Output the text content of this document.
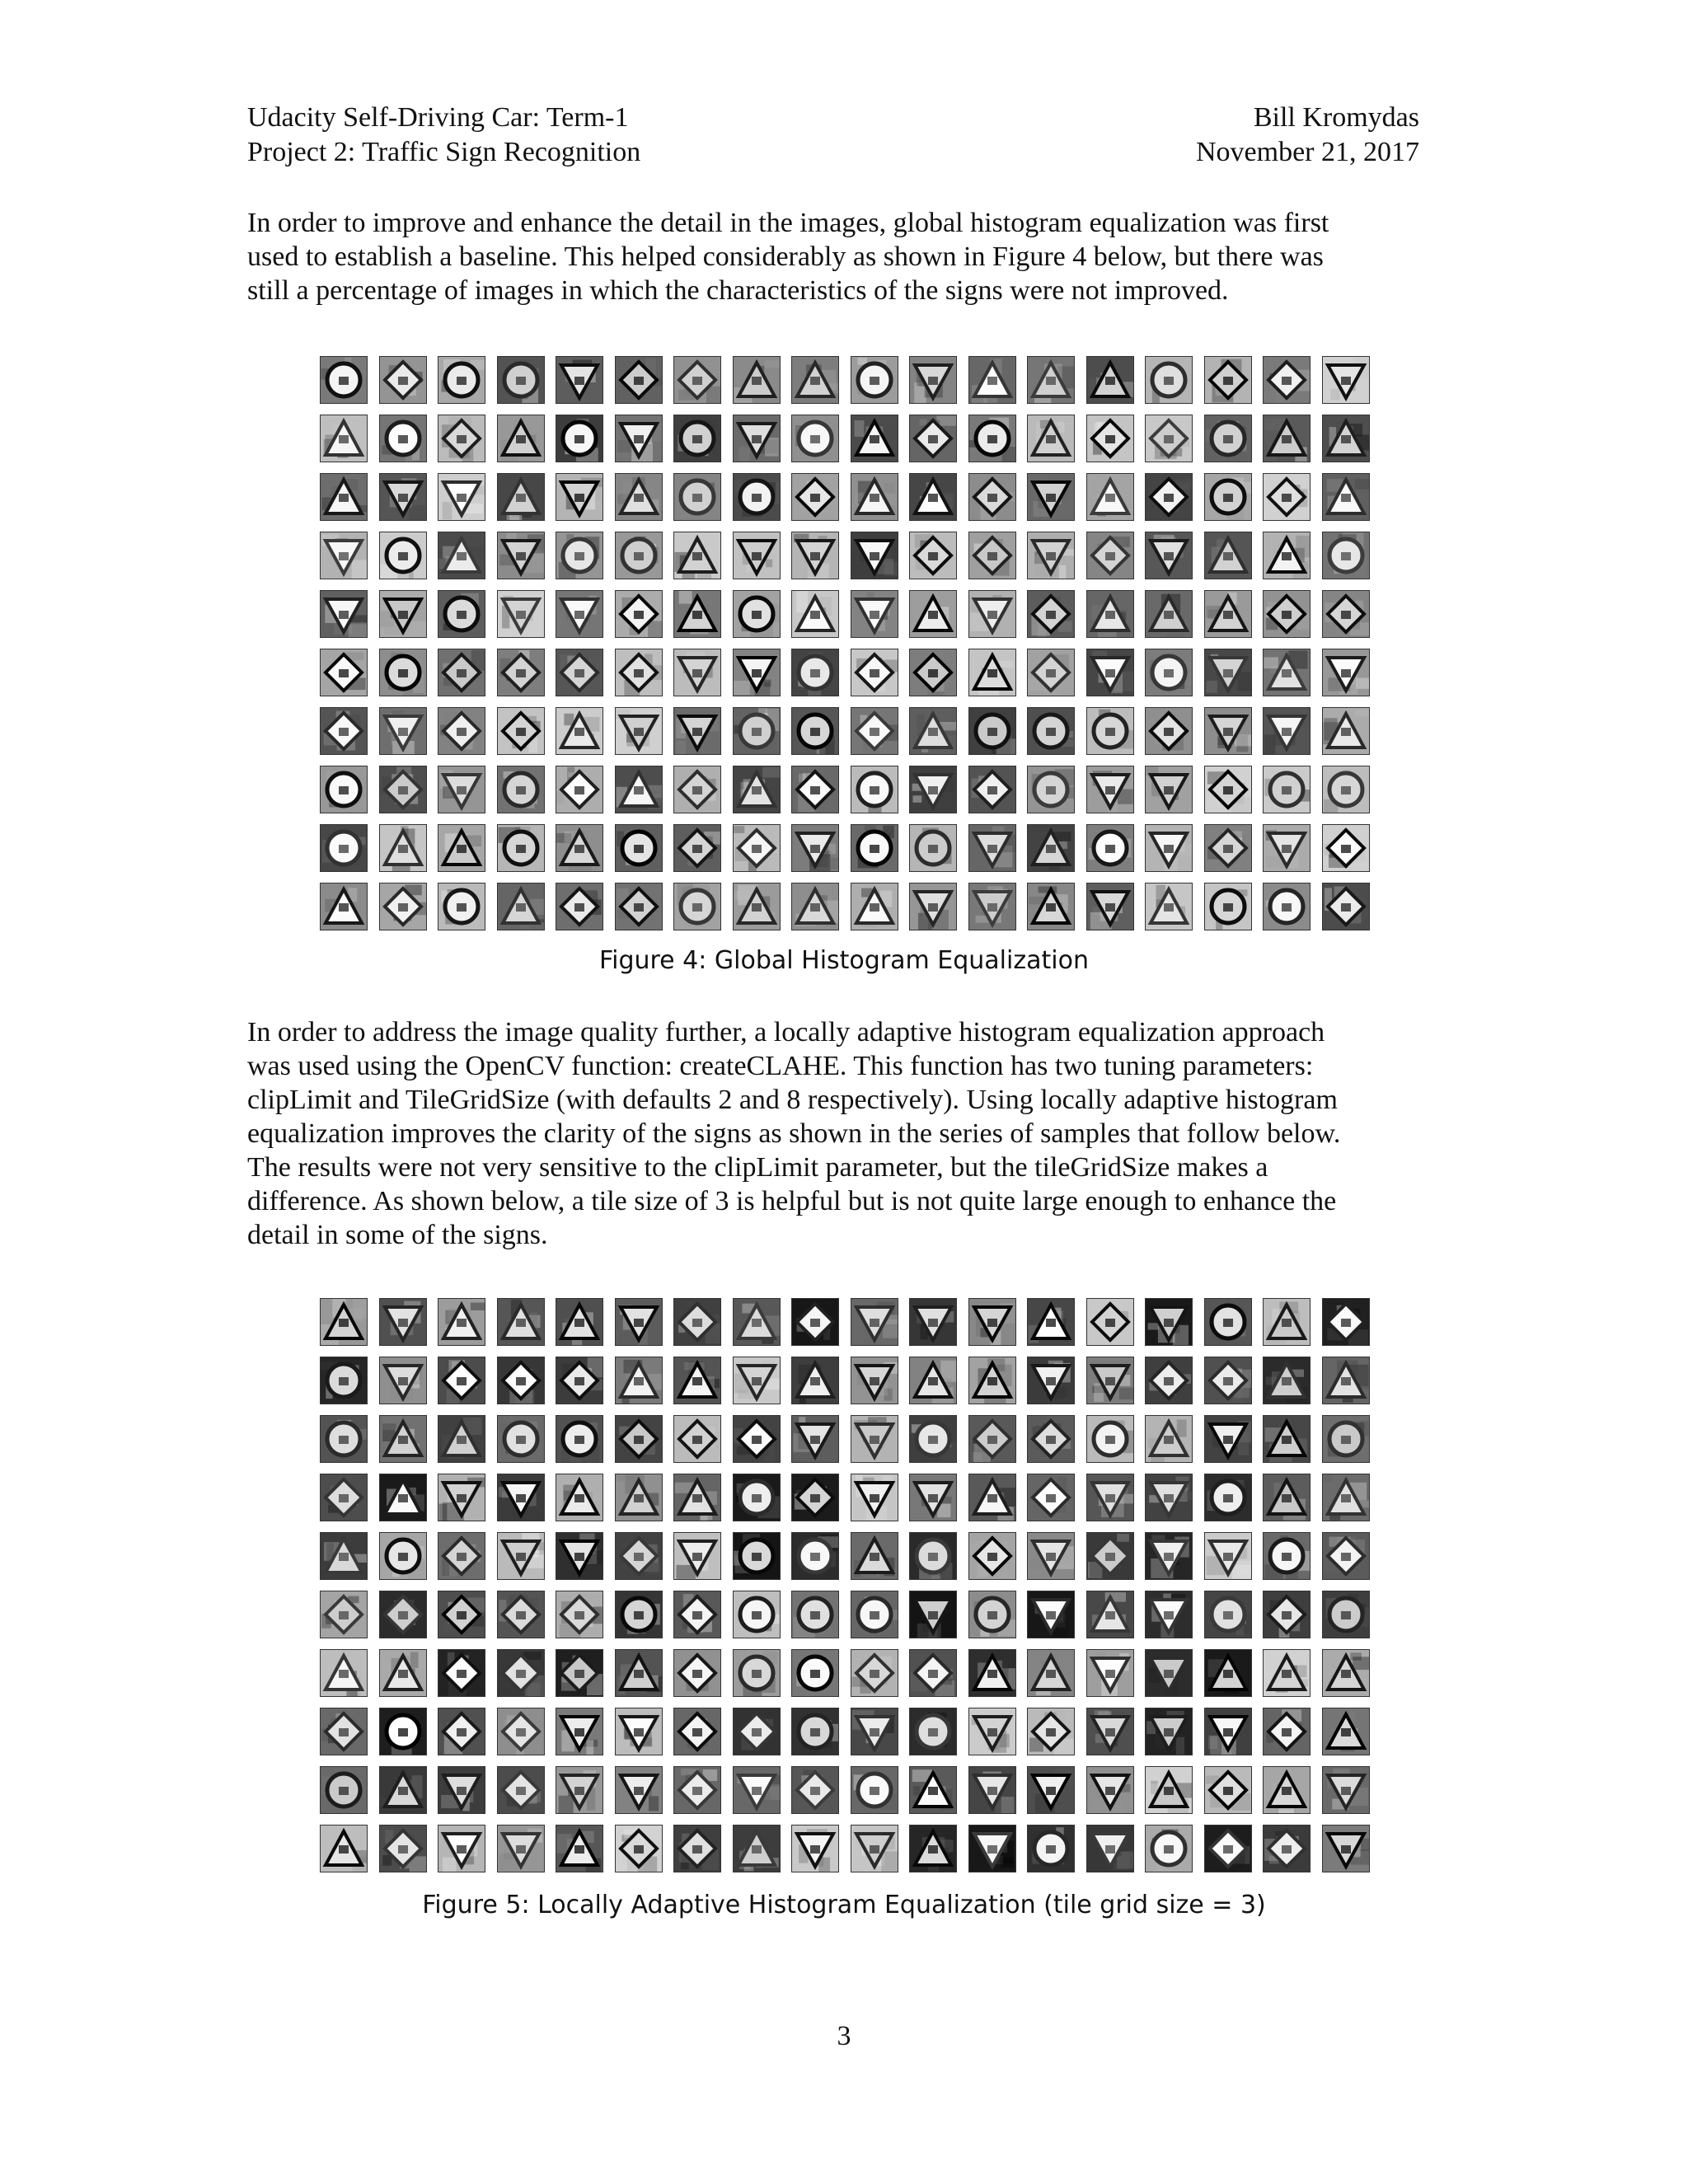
Udacity Self-Driving Car: Term-1
Project 2: Traffic Sign Recognition
Bill Kromydas
November 21, 2017

In order to improve and enhance the detail in the images, global histogram equalization was first
used to establish a baseline. This helped considerably as shown in Figure 4 below, but there was
still a percentage of images in which the characteristics of the signs were not improved.

Figure 4: Global Histogram Equalization

In order to address the image quality further, a locally adaptive histogram equalization approach
was used using the OpenCV function: createCLAHE. This function has two tuning parameters:
clipLimit and TileGridSize (with defaults 2 and 8 respectively). Using locally adaptive histogram
equalization improves the clarity of the signs as shown in the series of samples that follow below.
The results were not very sensitive to the clipLimit parameter, but the tileGridSize makes a
difference. As shown below, a tile size of 3 is helpful but is not quite large enough to enhance the
detail in some of the signs.

Figure 5: Locally Adaptive Histogram Equalization (tile grid size = 3)
3
